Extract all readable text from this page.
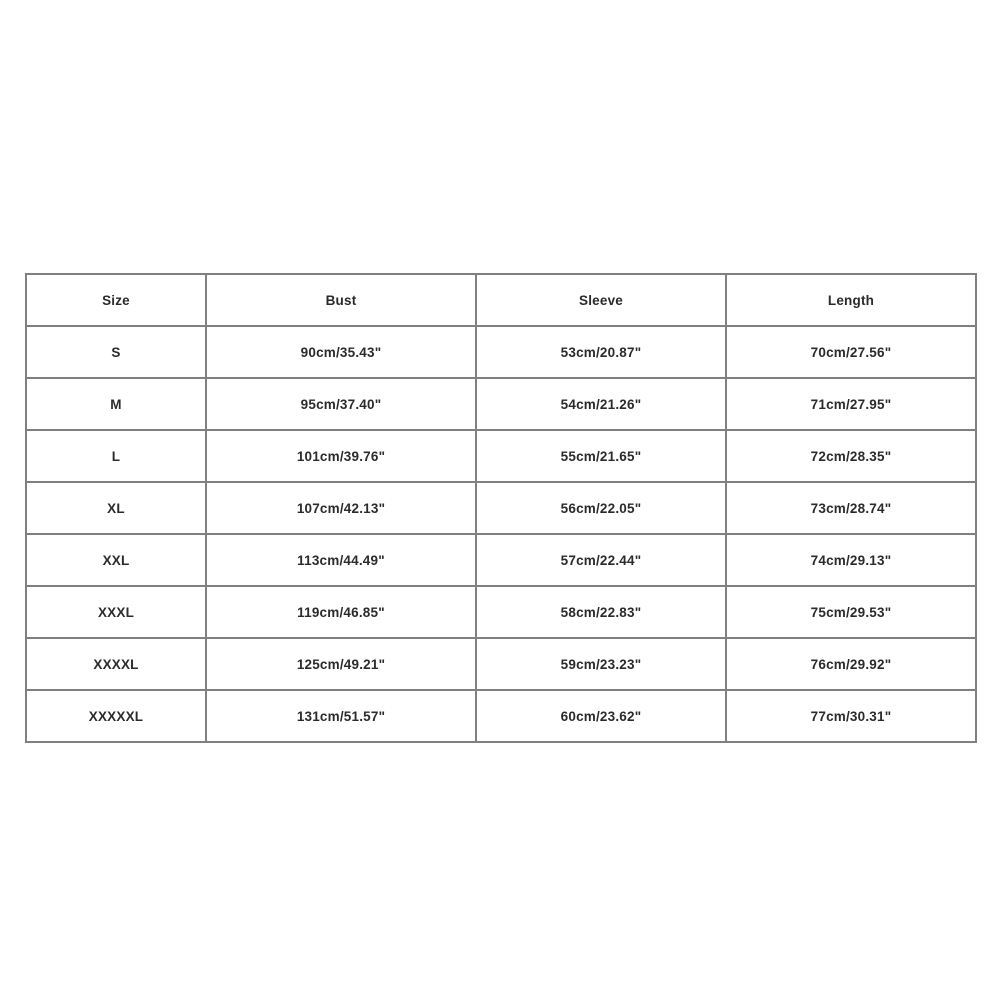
Size	Bust	Sleeve	Length
S	90cm/35.43"	53cm/20.87"	70cm/27.56"
M	95cm/37.40"	54cm/21.26"	71cm/27.95"
L	101cm/39.76"	55cm/21.65"	72cm/28.35"
XL	107cm/42.13"	56cm/22.05"	73cm/28.74"
XXL	113cm/44.49"	57cm/22.44"	74cm/29.13"
XXXL	119cm/46.85"	58cm/22.83"	75cm/29.53"
XXXXL	125cm/49.21"	59cm/23.23"	76cm/29.92"
XXXXXL	131cm/51.57"	60cm/23.62"	77cm/30.31"
